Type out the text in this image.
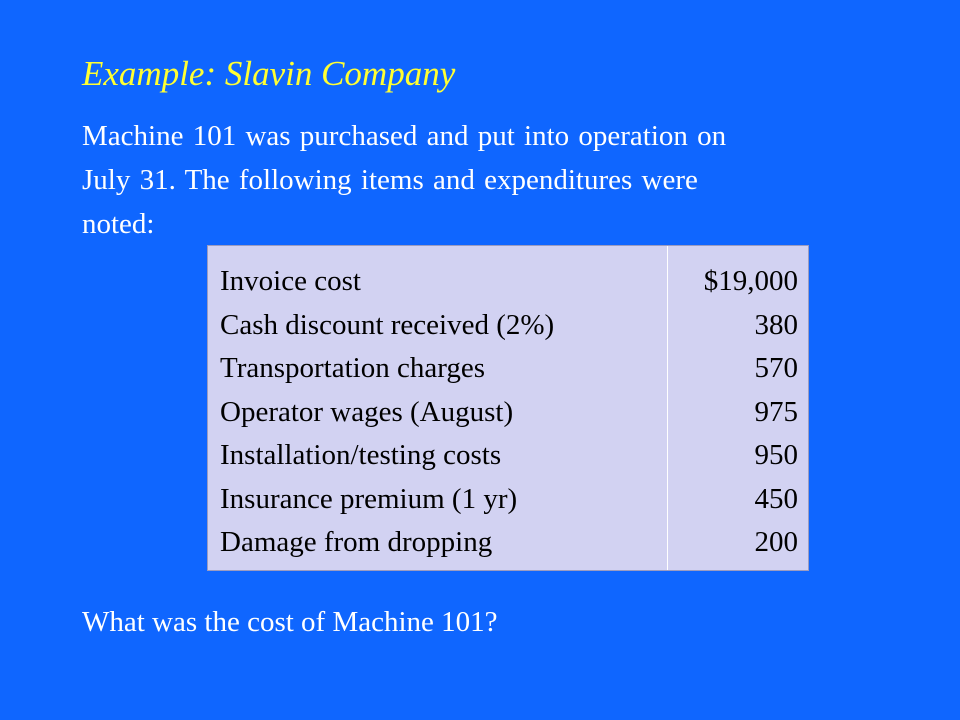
Example: Slavin Company
Machine 101 was purchased and put into operation on
July 31. The following items and expenditures were
noted:
Invoice cost
Cash discount received (2%)
Transportation charges
Operator wages (August)
Installation/testing costs
Insurance premium (1 yr)
Damage from dropping
$19,000
380
570
975
950
450
200
What was the cost of Machine 101?
